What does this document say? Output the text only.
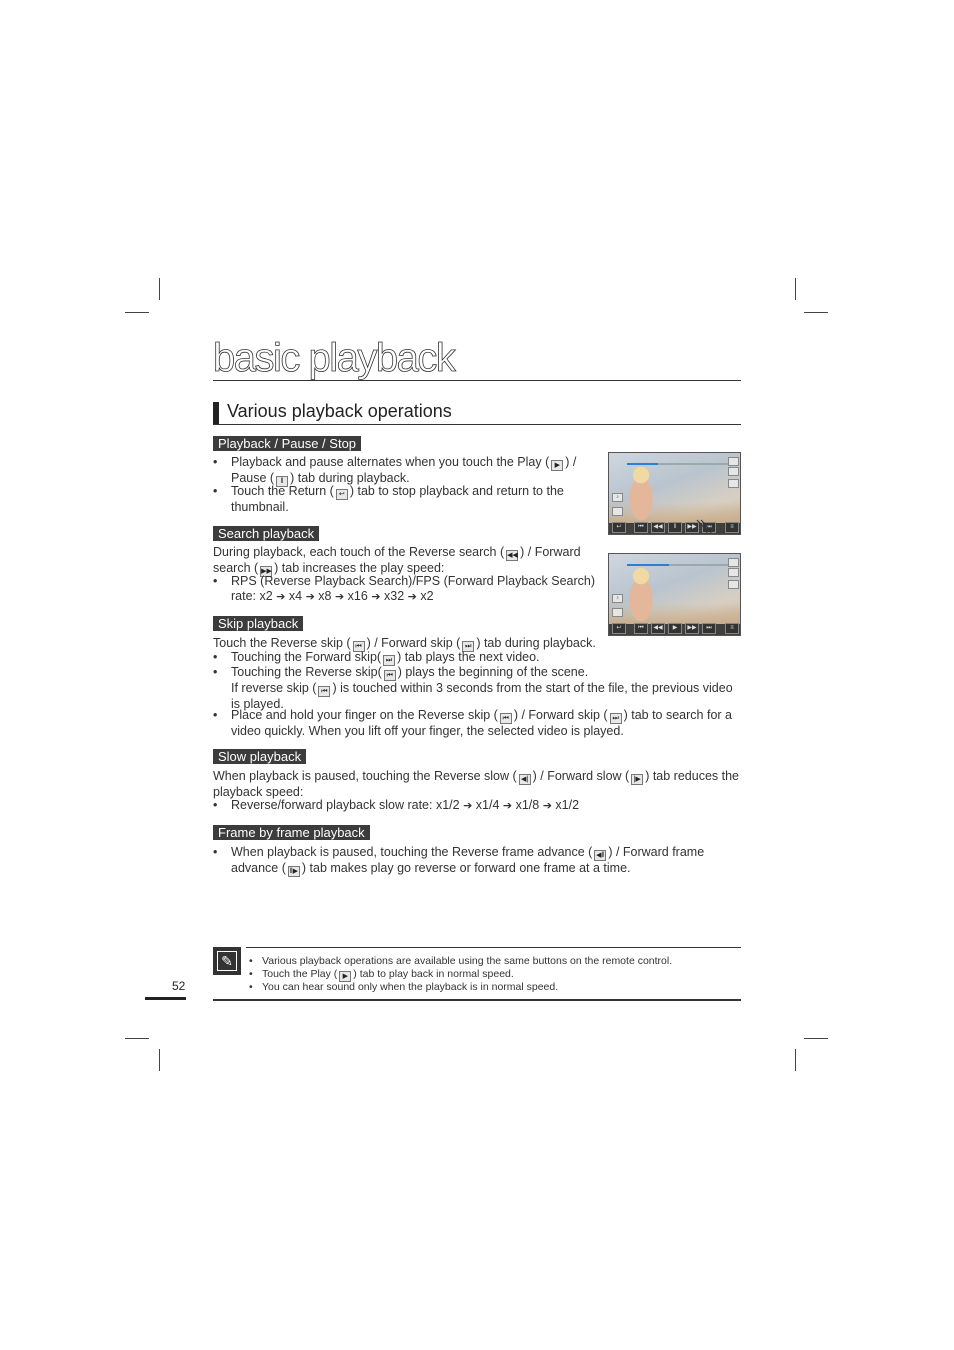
basic playback
Various playback operations
Playback / Pause / Stop
• Playback and pause alternates when you touch the Play ( ▶ ) /
Pause ( ‖ ) tab during playback.
• Touch the Return ( ↩ ) tab to stop playback and return to the
thumbnail.
Search playback
During playback, each touch of the Reverse search ( ◀◀ ) / Forward
search ( ▶▶ ) tab increases the play speed:
• RPS (Reverse Playback Search)/FPS (Forward Playback Search)
rate: x2 ➔ x4 ➔ x8 ➔ x16 ➔ x32 ➔ x2
Skip playback
Touch the Reverse skip ( ⏮ ) / Forward skip ( ⏭ ) tab during playback.
• Touching the Forward skip( ⏭ ) tab plays the next video.
• Touching the Reverse skip( ⏮ ) plays the beginning of the scene.
If reverse skip ( ⏮ ) is touched within 3 seconds from the start of the file, the previous video
is played.
• Place and hold your finger on the Reverse skip ( ⏮ ) / Forward skip ( ⏭ ) tab to search for a
video quickly. When you lift off your finger, the selected video is played.
Slow playback
When playback is paused, touching the Reverse slow ( ◀| ) / Forward slow ( |▶ ) tab reduces the
playback speed:
• Reverse/forward playback slow rate: x1/2 ➔ x1/4 ➔ x1/8 ➔ x1/2
Frame by frame playback
• When playback is paused, touching the Reverse frame advance ( ◀‖ ) / Forward frame
advance ( ‖▶ ) tab makes play go reverse or forward one frame at a time.
♪
↩	⏮	◀◀	‖	▶▶	⏭	≡
♪
↩	⏮	◀◀	▶	▶▶	⏭	≡
✎	• Various playback operations are available using the same buttons on the remote control.
• Touch the Play ( ▶ ) tab to play back in normal speed.
• You can hear sound only when the playback is in normal speed.
52
